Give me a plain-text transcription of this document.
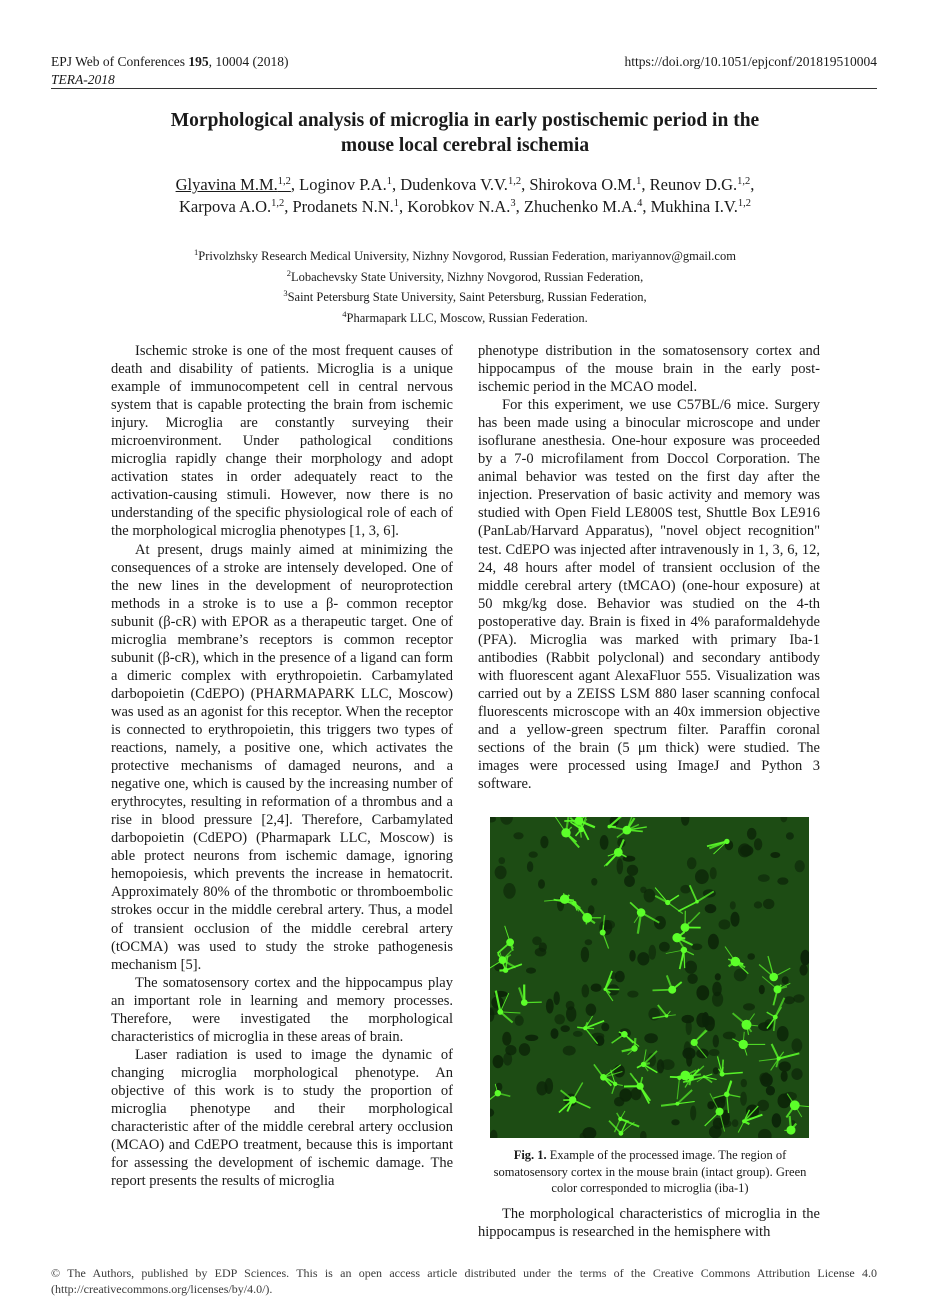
EPJ Web of Conferences 195, 10004 (2018)
TERA-2018
https://doi.org/10.1051/epjconf/201819510004
Morphological analysis of microglia in early postischemic period in the
mouse local cerebral ischemia
Glyavina M.M.$^{1,2}$, Loginov P.A.$^1$, Dudenkova V.V.$^{1,2}$, Shirokova O.M.$^1$, Reunov D.G.$^{1,2}$,
Karpova A.O.$^{1,2}$, Prodanets N.N.$^1$, Korobkov N.A.$^3$, Zhuchenko M.A.$^4$, Mukhina I.V.$^{1,2}$
$^1$Privolzhsky Research Medical University, Nizhny Novgorod, Russian Federation, mariyannov@gmail.com
$^2$Lobachevsky State University, Nizhny Novgorod, Russian Federation,
$^3$Saint Petersburg State University, Saint Petersburg, Russian Federation,
$^4$Pharmapark LLC, Moscow, Russian Federation.

Ischemic stroke is one of the most frequent causes of death and disability of patients. Microglia is a unique example of immunocompetent cell in central nervous system that is capable protecting the brain from ischemic injury. Microglia are constantly surveying their microenvironment. Under pathological conditions microglia rapidly change their morphology and adopt activation states in order adequately react to the activation-causing stimuli. However, now there is no understanding of the specific physiological role of each of the morphological microglia phenotypes [1, 3, 6].

At present, drugs mainly aimed at minimizing the consequences of a stroke are intensely developed. One of the new lines in the development of neuroprotection methods in a stroke is to use a β- common receptor subunit (β-cR) with EPOR as a therapeutic target. One of microglia membrane’s receptors is common receptor subunit (β-cR), which in the presence of a ligand can form a dimeric complex with erythropoietin. Carbamylated darbopoietin (CdEPO) (PHARMAPARK LLC, Moscow) was used as an agonist for this receptor. When the receptor is connected to erythropoietin, this triggers two types of reactions, namely, a positive one, which activates the protective mechanisms of damaged neurons, and a negative one, which is caused by the increasing number of erythrocytes, resulting in reformation of a thrombus and a rise in blood pressure [2,4]. Therefore, Carbamylated darbopoietin (CdEPO) (Pharmapark LLC, Moscow) is able protect neurons from ischemic damage, ignoring hemopoiesis, which prevents the increase in hematocrit. Approximately 80% of the thrombotic or thromboembolic strokes occur in the middle cerebral artery. Thus, a model of transient occlusion of the middle cerebral artery (tOCMA) was used to study the stroke pathogenesis mechanism [5].

The somatosensory cortex and the hippocampus play an important role in learning and memory processes. Therefore, were investigated the morphological characteristics of microglia in these areas of brain.

Laser radiation is used to image the dynamic of changing microglia morphological phenotype. An objective of this work is to study the proportion of microglia phenotype and their morphological characteristic after of the middle cerebral artery occlusion (MCAO) and CdEPO treatment, because this is important for assessing the development of ischemic damage. The report presents the results of microglia

phenotype distribution in the somatosensory cortex and hippocampus of the mouse brain in the early post-ischemic period in the MCAO model.

For this experiment, we use C57BL/6 mice. Surgery has been made using a binocular microscope and under isoflurane anesthesia. One-hour exposure was proceeded by a 7-0 microfilament from Doccol Corporation. The animal behavior was tested on the first day after the injection. Preservation of basic activity and memory was studied with Open Field LE800S test, Shuttle Box LE916 (PanLab/Harvard Apparatus), "novel object recognition" test. CdEPO was injected after intravenously in 1, 3, 6, 12, 24, 48 hours after model of transient occlusion of the middle cerebral artery (tMCAO) (one-hour exposure) at 50 mkg/kg dose. Behavior was studied on the 4-th postoperative day. Brain is fixed in 4% paraformaldehyde (PFA). Microglia was marked with primary Iba-1 antibodies (Rabbit polyclonal) and secondary antibody with fluorescent agant AlexaFluor 555. Visualization was carried out by a ZEISS LSM 880 laser scanning confocal fluorescents microscope with an 40x immersion objective and a yellow-green spectrum filter. Paraffin coronal sections of the brain (5 μm thick) were studied. The images were processed using ImageJ and Python 3 software.

Fig. 1. Example of the processed image. The region of somatosensory cortex in the mouse brain (intact group). Green color corresponded to microglia (iba-1)

The morphological characteristics of microglia in the hippocampus is researched in the hemisphere with

© The Authors, published by EDP Sciences. This is an open access article distributed under the terms of the Creative Commons Attribution License 4.0 (http://creativecommons.org/licenses/by/4.0/).
